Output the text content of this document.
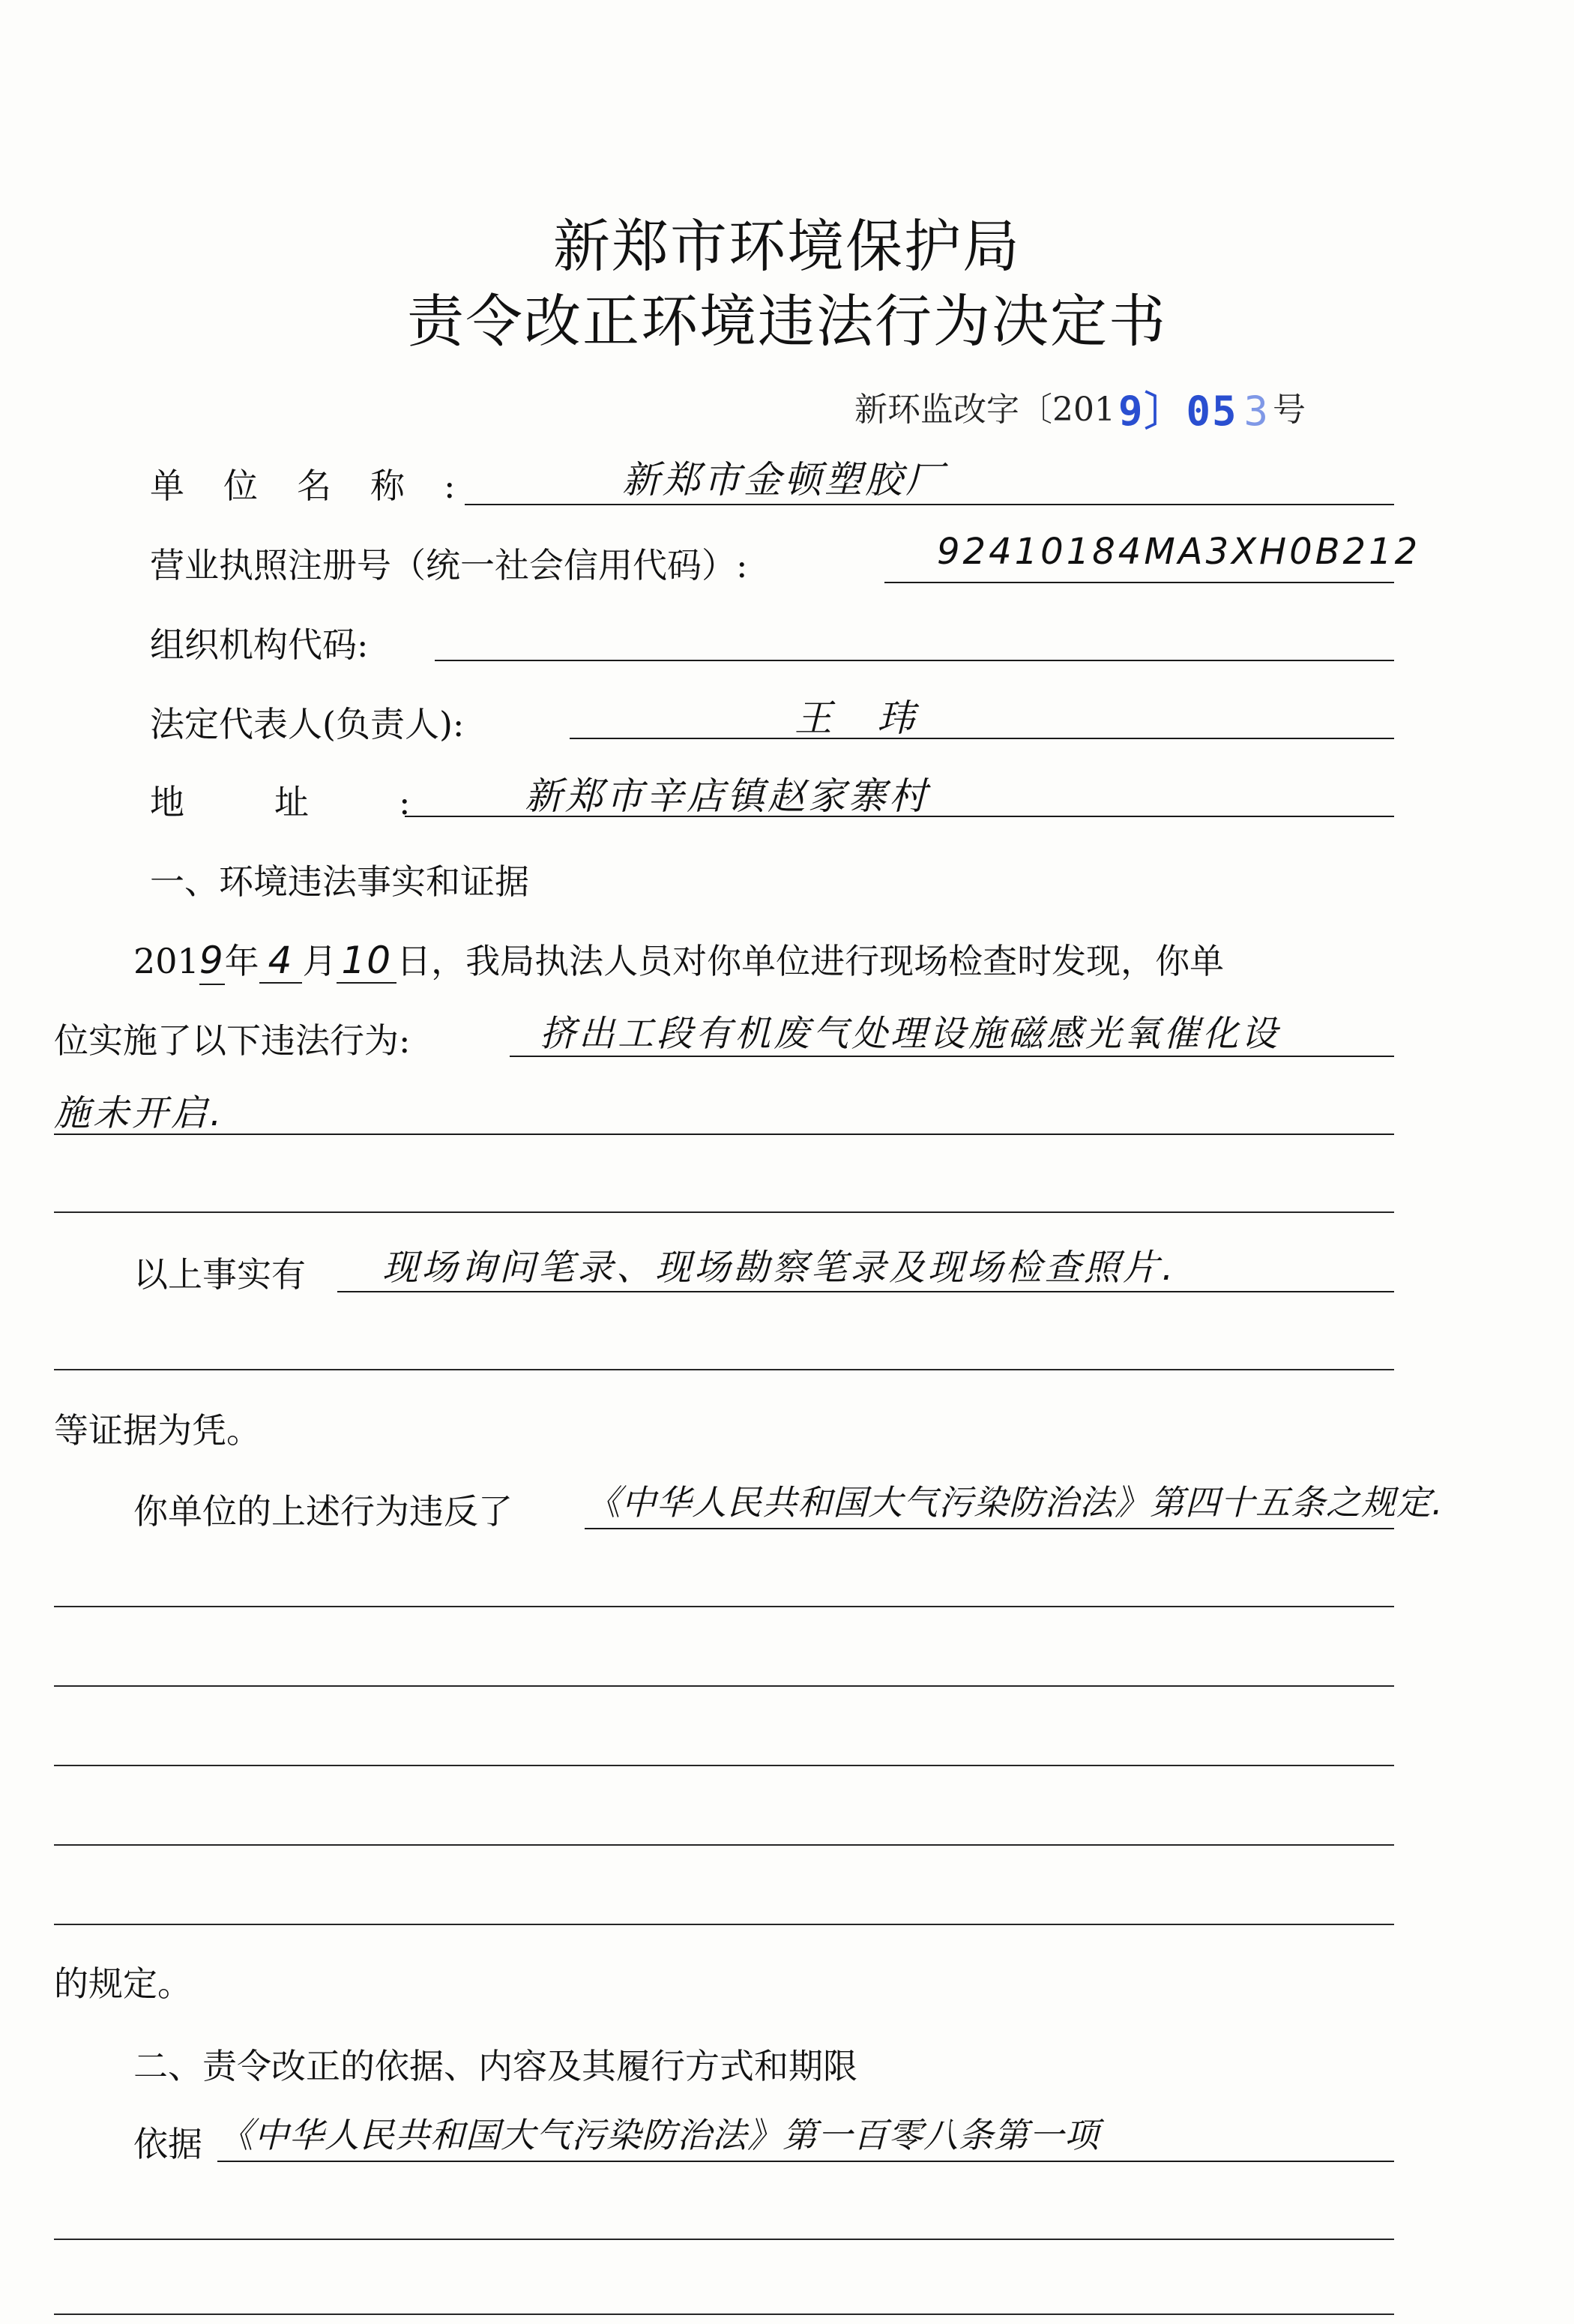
新郑市环境保护局
责令改正环境违法行为决定书
新环监改字〔2019〕05 3号
单位名称:	新郑市金顿塑胶厂
营业执照注册号（统一社会信用代码）:	92410184MA3XH0B212
组织机构代码:
法定代表人(负责人):	王玮
地址: 新郑市辛店镇赵家寨村
一、环境违法事实和证据
2019年 4 月 10 日，我局执法人员对你单位进行现场检查时发现，你单
位实施了以下违法行为:	挤出工段有机废气处理设施磁感光氧催化设
施未开启.
以上事实有 现场询问笔录、现场勘察笔录及现场检查照片.
等证据为凭。
你单位的上述行为违反了 《中华人民共和国大气污染防治法》第四十五条之规定.
的规定。
二、责令改正的依据、内容及其履行方式和期限
依据 《中华人民共和国大气污染防治法》第一百零八条第一项
